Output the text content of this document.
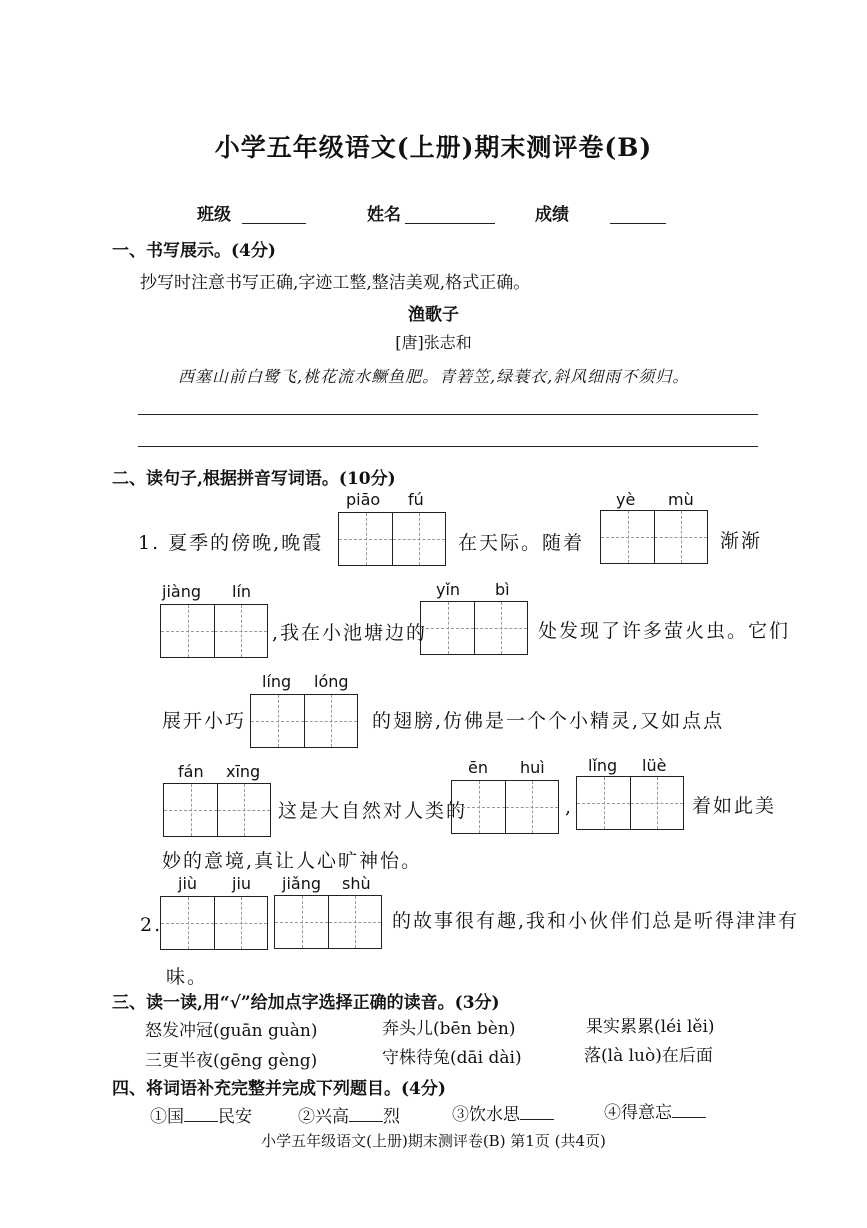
小学五年级语文(上册)期末测评卷(B)
班级	姓名	成绩
一、书写展示。(4分)
抄写时注意书写正确,字迹工整,整洁美观,格式正确。
渔歌子
[唐]张志和
西塞山前白鹭飞,桃花流水鳜鱼肥。青箬笠,绿蓑衣,斜风细雨不须归。
二、读句子,根据拼音写词语。(10分)
1. 夏季的傍晚,晚霞
piāo fú
在天际。随着
yè mù
渐渐
jiàng lín
,我在小池塘边的
yǐn bì
处发现了许多萤火虫。它们
展开小巧
líng lóng
的翅膀,仿佛是一个个小精灵,又如点点
fán xīng
这是大自然对人类的
ēn huì
,
lǐng lüè
着如此美
妙的意境,真让人心旷神怡。
2.
jiù jiu jiǎng shù
的故事很有趣,我和小伙伴们总是听得津津有
味。
三、读一读,用“√”给加点字选择正确的读音。(3分)
怒发冲冠(guān guàn)	奔头儿(bēn bèn)	果实累累(léi lěi)
三更半夜(gēng gèng)	守株待兔(dāi dài)	落(là luò)在后面
四、将词语补充完整并完成下列题目。(4分)
①国 民安	②兴高 烈	③饮水思	④得意忘
小学五年级语文(上册)期末测评卷(B) 第1页 (共4页)
